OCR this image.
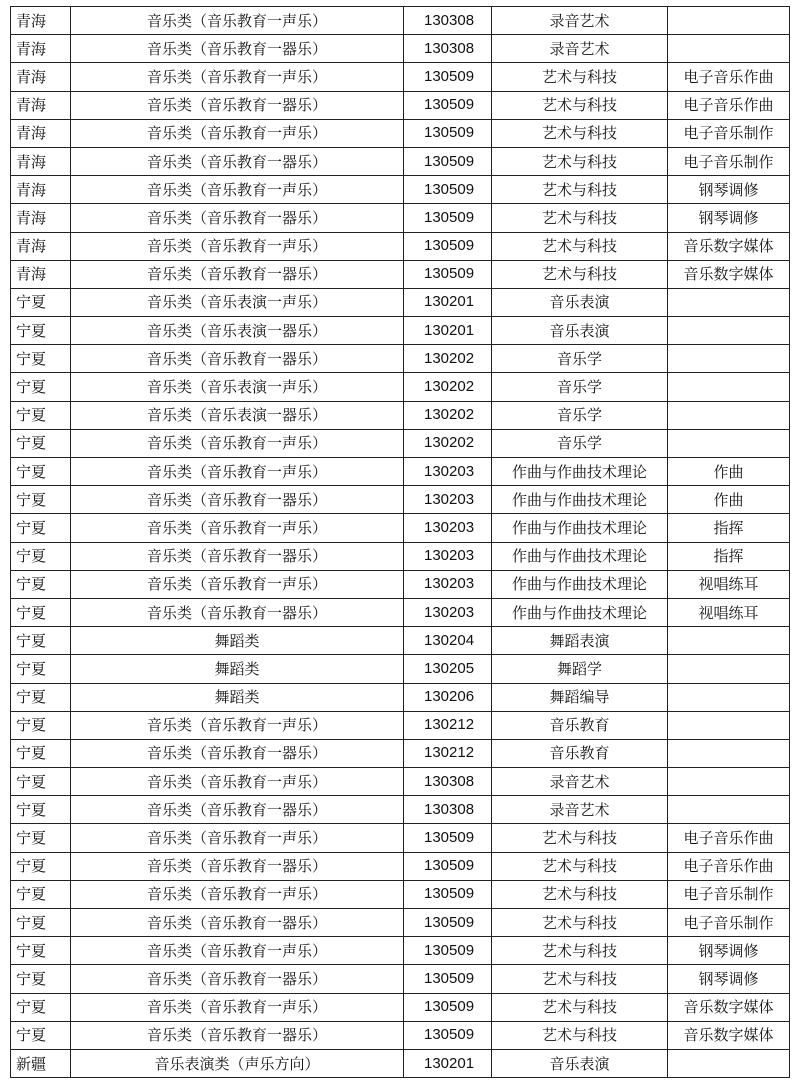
青海	音乐类（音乐教育一声乐）	130308	录音艺术	
青海	音乐类（音乐教育一器乐）	130308	录音艺术	
青海	音乐类（音乐教育一声乐）	130509	艺术与科技	电子音乐作曲
青海	音乐类（音乐教育一器乐）	130509	艺术与科技	电子音乐作曲
青海	音乐类（音乐教育一声乐）	130509	艺术与科技	电子音乐制作
青海	音乐类（音乐教育一器乐）	130509	艺术与科技	电子音乐制作
青海	音乐类（音乐教育一声乐）	130509	艺术与科技	钢琴调修
青海	音乐类（音乐教育一器乐）	130509	艺术与科技	钢琴调修
青海	音乐类（音乐教育一声乐）	130509	艺术与科技	音乐数字媒体
青海	音乐类（音乐教育一器乐）	130509	艺术与科技	音乐数字媒体
宁夏	音乐类（音乐表演一声乐）	130201	音乐表演	
宁夏	音乐类（音乐表演一器乐）	130201	音乐表演	
宁夏	音乐类（音乐教育一器乐）	130202	音乐学	
宁夏	音乐类（音乐表演一声乐）	130202	音乐学	
宁夏	音乐类（音乐表演一器乐）	130202	音乐学	
宁夏	音乐类（音乐教育一声乐）	130202	音乐学	
宁夏	音乐类（音乐教育一声乐）	130203	作曲与作曲技术理论	作曲
宁夏	音乐类（音乐教育一器乐）	130203	作曲与作曲技术理论	作曲
宁夏	音乐类（音乐教育一声乐）	130203	作曲与作曲技术理论	指挥
宁夏	音乐类（音乐教育一器乐）	130203	作曲与作曲技术理论	指挥
宁夏	音乐类（音乐教育一声乐）	130203	作曲与作曲技术理论	视唱练耳
宁夏	音乐类（音乐教育一器乐）	130203	作曲与作曲技术理论	视唱练耳
宁夏	舞蹈类	130204	舞蹈表演	
宁夏	舞蹈类	130205	舞蹈学	
宁夏	舞蹈类	130206	舞蹈编导	
宁夏	音乐类（音乐教育一声乐）	130212	音乐教育	
宁夏	音乐类（音乐教育一器乐）	130212	音乐教育	
宁夏	音乐类（音乐教育一声乐）	130308	录音艺术	
宁夏	音乐类（音乐教育一器乐）	130308	录音艺术	
宁夏	音乐类（音乐教育一声乐）	130509	艺术与科技	电子音乐作曲
宁夏	音乐类（音乐教育一器乐）	130509	艺术与科技	电子音乐作曲
宁夏	音乐类（音乐教育一声乐）	130509	艺术与科技	电子音乐制作
宁夏	音乐类（音乐教育一器乐）	130509	艺术与科技	电子音乐制作
宁夏	音乐类（音乐教育一声乐）	130509	艺术与科技	钢琴调修
宁夏	音乐类（音乐教育一器乐）	130509	艺术与科技	钢琴调修
宁夏	音乐类（音乐教育一声乐）	130509	艺术与科技	音乐数字媒体
宁夏	音乐类（音乐教育一器乐）	130509	艺术与科技	音乐数字媒体
新疆	音乐表演类（声乐方向）	130201	音乐表演	
